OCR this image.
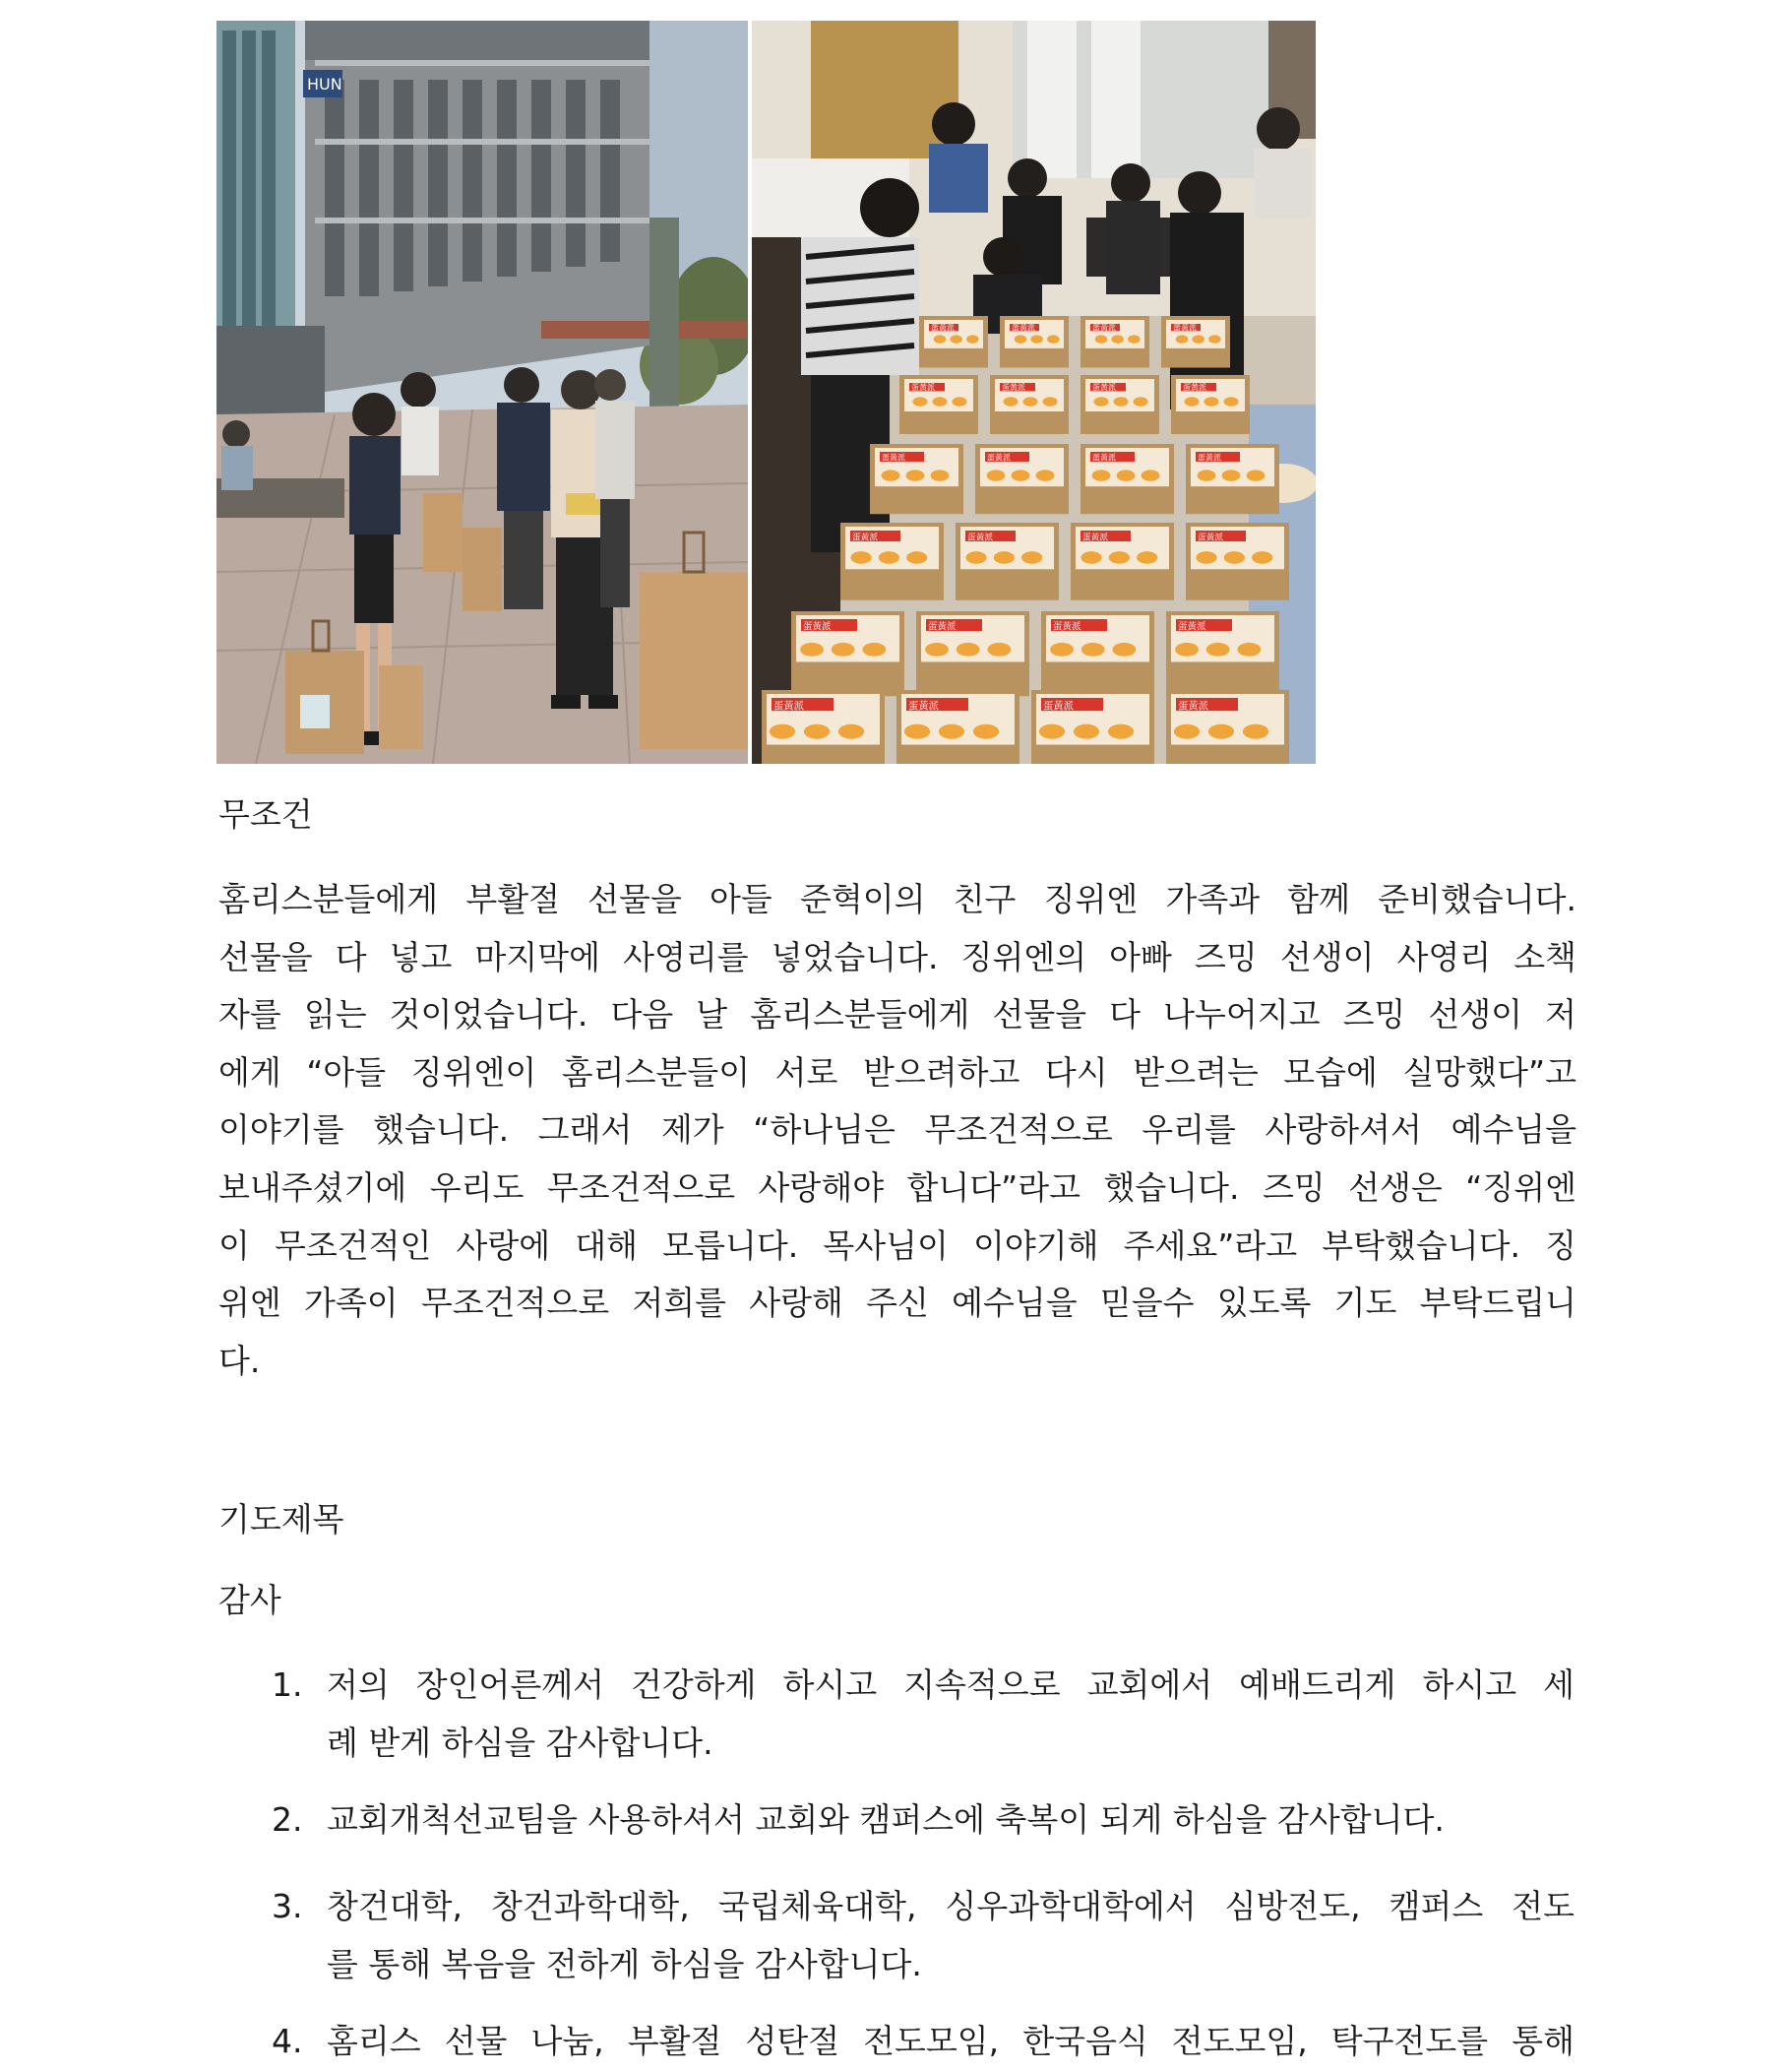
HUN
蛋黃派	蛋黃派	蛋黃派	蛋黃派
蛋黃派	蛋黃派	蛋黃派	蛋黃派
蛋黃派	蛋黃派	蛋黃派	蛋黃派
蛋黃派	蛋黃派	蛋黃派	蛋黃派
蛋黃派	蛋黃派	蛋黃派	蛋黃派
蛋黃派	蛋黃派	蛋黃派	蛋黃派
무조건
홈리스분들에게 부활절 선물을 아들 준혁이의 친구 징위엔 가족과 함께 준비했습니다.
선물을 다 넣고 마지막에 사영리를 넣었습니다. 징위엔의 아빠 즈밍 선생이 사영리 소책
자를 읽는 것이었습니다. 다음 날 홈리스분들에게 선물을 다 나누어지고 즈밍 선생이 저
에게 “아들 징위엔이 홈리스분들이 서로 받으려하고 다시 받으려는 모습에 실망했다”고
이야기를 했습니다. 그래서 제가 “하나님은 무조건적으로 우리를 사랑하셔서 예수님을
보내주셨기에 우리도 무조건적으로 사랑해야 합니다”라고 했습니다. 즈밍 선생은 “징위엔
이 무조건적인 사랑에 대해 모릅니다. 목사님이 이야기해 주세요”라고 부탁했습니다. 징
위엔 가족이 무조건적으로 저희를 사랑해 주신 예수님을 믿을수 있도록 기도 부탁드립니
다.
기도제목
감사
1. 저의 장인어른께서 건강하게 하시고 지속적으로 교회에서 예배드리게 하시고 세
례 받게 하심을 감사합니다.
2. 교회개척선교팀을 사용하셔서 교회와 캠퍼스에 축복이 되게 하심을 감사합니다.
3. 창건대학, 창건과학대학, 국립체육대학, 싱우과학대학에서 심방전도, 캠퍼스 전도
를 통해 복음을 전하게 하심을 감사합니다.
4. 홈리스 선물 나눔, 부활절 성탄절 전도모임, 한국음식 전도모임, 탁구전도를 통해
